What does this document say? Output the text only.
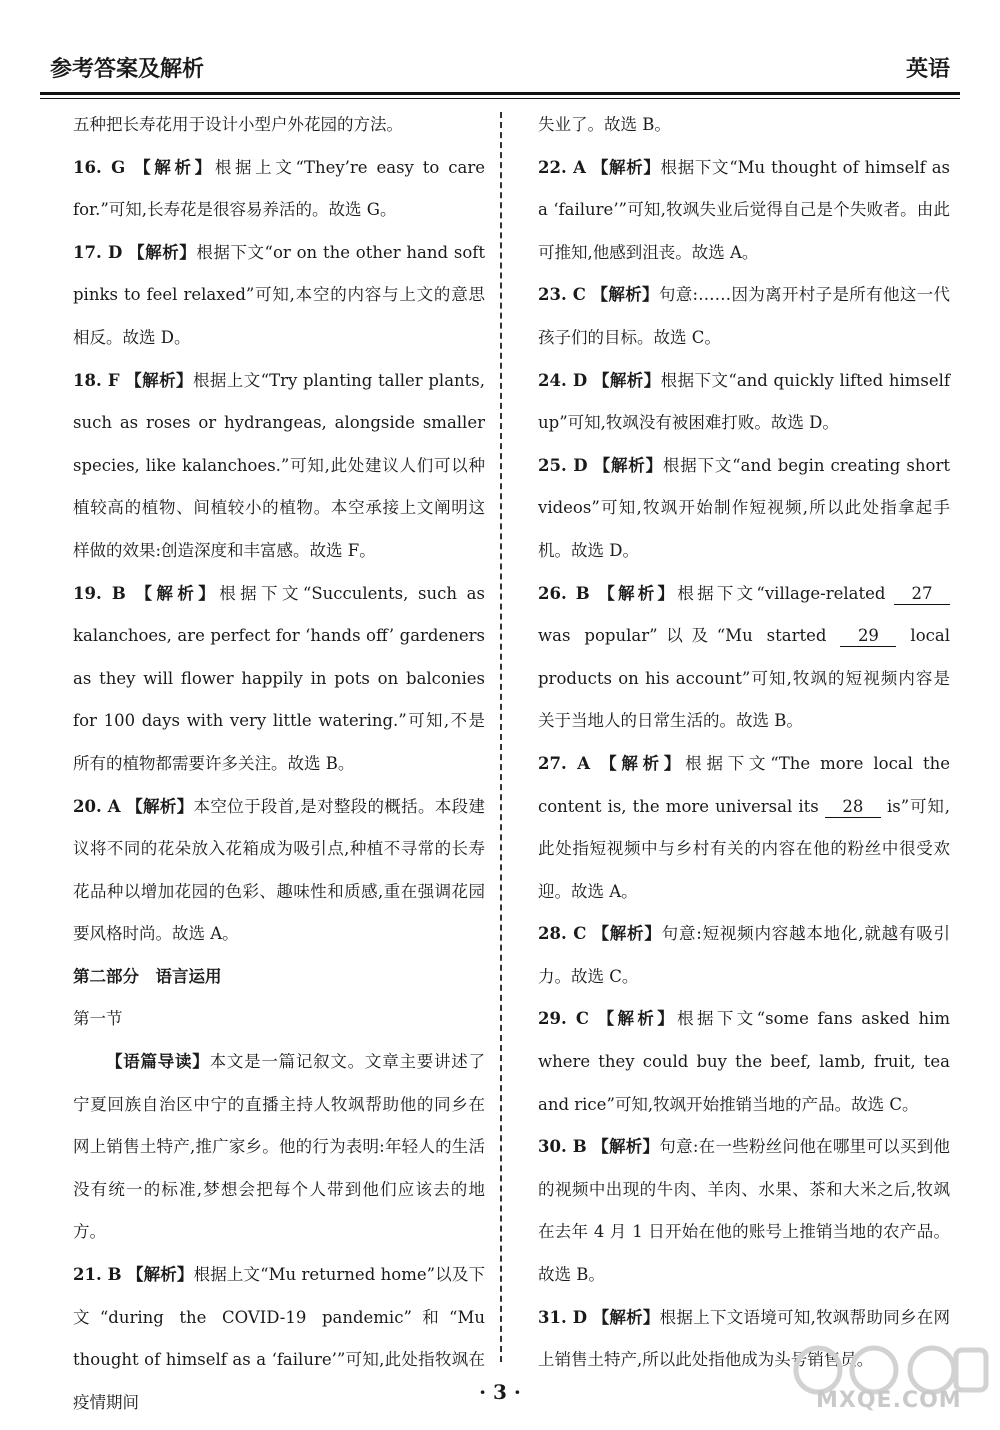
参考答案及解析	英语

五种把长寿花用于设计小型户外花园的方法。

16. G 【解析】根据上文“They’re easy to care for.”可知,长寿花是很容易养活的。故选 G。

17. D 【解析】根据下文“or on the other hand soft pinks to feel relaxed”可知,本空的内容与上文的意思相反。故选 D。

18. F 【解析】根据上文“Try planting taller plants, such as roses or hydrangeas, alongside smaller species, like kalanchoes.”可知,此处建议人们可以种植较高的植物、间植较小的植物。本空承接上文阐明这样做的效果:创造深度和丰富感。故选 F。

19. B 【解析】根据下文“Succulents, such as kalanchoes, are perfect for ‘hands off’ gardeners as they will flower happily in pots on balconies for 100 days with very little watering.”可知,不是所有的植物都需要许多关注。故选 B。

20. A 【解析】本空位于段首,是对整段的概括。本段建议将不同的花朵放入花箱成为吸引点,种植不寻常的长寿花品种以增加花园的色彩、趣味性和质感,重在强调花园要风格时尚。故选 A。

第二部分　语言运用

第一节

【语篇导读】本文是一篇记叙文。文章主要讲述了宁夏回族自治区中宁的直播主持人牧飒帮助他的同乡在网上销售土特产,推广家乡。他的行为表明:年轻人的生活没有统一的标准,梦想会把每个人带到他们应该去的地方。

21. B 【解析】根据上文“Mu returned home”以及下文“during the COVID-19 pandemic”和“Mu thought of himself as a ‘failure’”可知,此处指牧飒在疫情期间

失业了。故选 B。

22. A 【解析】根据下文“Mu thought of himself as a ‘failure’”可知,牧飒失业后觉得自己是个失败者。由此可推知,他感到沮丧。故选 A。

23. C 【解析】句意:……因为离开村子是所有他这一代孩子们的目标。故选 C。

24. D 【解析】根据下文“and quickly lifted himself up”可知,牧飒没有被困难打败。故选 D。

25. D 【解析】根据下文“and begin creating short videos”可知,牧飒开始制作短视频,所以此处指拿起手机。故选 D。

26. B 【解析】根据下文“village-related 27 was popular”以及“Mu started 29 local products on his account”可知,牧飒的短视频内容是关于当地人的日常生活的。故选 B。

27. A 【解析】根据下文“The more local the content is, the more universal its 28 is”可知,此处指短视频中与乡村有关的内容在他的粉丝中很受欢迎。故选 A。

28. C 【解析】句意:短视频内容越本地化,就越有吸引力。故选 C。

29. C 【解析】根据下文“some fans asked him where they could buy the beef, lamb, fruit, tea and rice”可知,牧飒开始推销当地的产品。故选 C。

30. B 【解析】句意:在一些粉丝问他在哪里可以买到他的视频中出现的牛肉、羊肉、水果、茶和大米之后,牧飒在去年 4 月 1 日开始在他的账号上推销当地的农产品。故选 B。

31. D 【解析】根据上下文语境可知,牧飒帮助同乡在网上销售土特产,所以此处指他成为头号销售员。

· 3 ·	MXQE.COM
